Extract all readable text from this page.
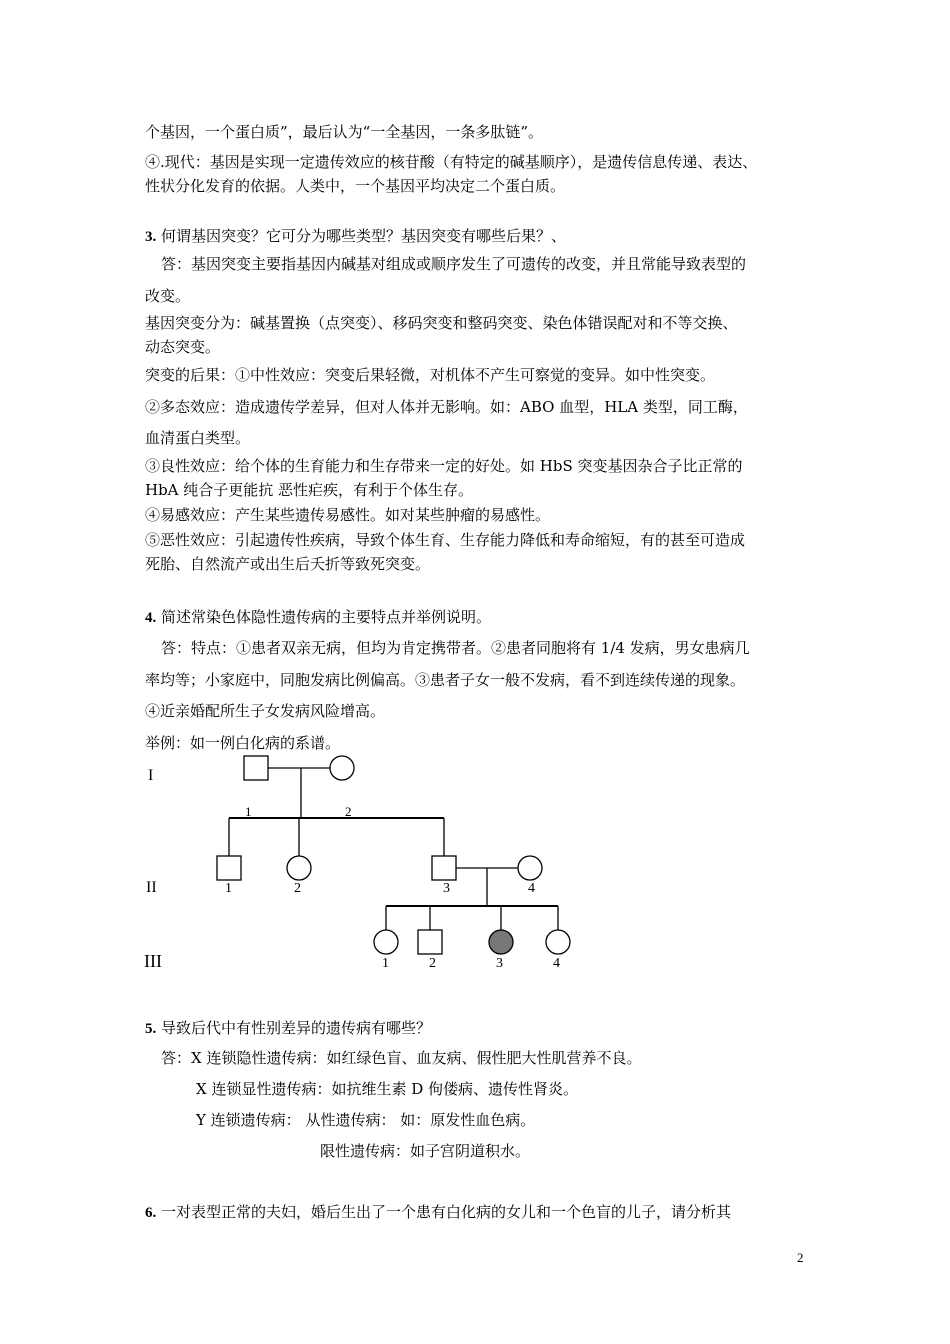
个基因，一个蛋白质”，最后认为“一全基因，一条多肽链”。
④.现代：基因是实现一定遗传效应的核苷酸（有特定的碱基顺序），是遗传信息传递、表达、
性状分化发育的依据。人类中，一个基因平均决定二个蛋白质。
3. 何谓基因突变？它可分为哪些类型？基因突变有哪些后果？、
答：基因突变主要指基因内碱基对组成或顺序发生了可遗传的改变，并且常能导致表型的
改变。
基因突变分为：碱基置换（点突变）、移码突变和整码突变、染色体错误配对和不等交换、
动态突变。
突变的后果：①中性效应：突变后果轻微，对机体不产生可察觉的变异。如中性突变。
②多态效应：造成遗传学差异，但对人体并无影响。如：ABO 血型，HLA 类型，同工酶，
血清蛋白类型。
③良性效应：给个体的生育能力和生存带来一定的好处。如 HbS 突变基因杂合子比正常的
HbA 纯合子更能抗 恶性疟疾，有利于个体生存。
④易感效应：产生某些遗传易感性。如对某些肿瘤的易感性。
⑤恶性效应：引起遗传性疾病，导致个体生育、生存能力降低和寿命缩短，有的甚至可造成
死胎、自然流产或出生后夭折等致死突变。
4. 简述常染色体隐性遗传病的主要特点并举例说明。
答：特点：①患者双亲无病，但均为肯定携带者。②患者同胞将有 1/4 发病，男女患病几
率均等；小家庭中，同胞发病比例偏高。③患者子女一般不发病，看不到连续传递的现象。
④近亲婚配所生子女发病风险增高。
举例：如一例白化病的系谱。
I
II
III
1	2
1	2	3	4
1	2	3	4
5. 导致后代中有性别差异的遗传病有哪些？
答：X 连锁隐性遗传病：如红绿色盲、血友病、假性肥大性肌营养不良。
X 连锁显性遗传病：如抗维生素 D 佝偻病、遗传性肾炎。
Y 连锁遗传病： 从性遗传病： 如：原发性血色病。
限性遗传病：如子宫阴道积水。
6. 一对表型正常的夫妇，婚后生出了一个患有白化病的女儿和一个色盲的儿子，请分析其
2
